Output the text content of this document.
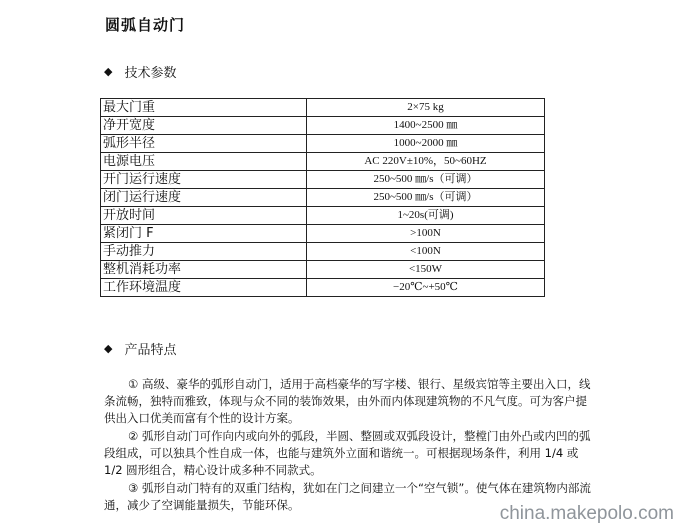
圆弧自动门
◆ 技术参数
最大门重	2×75 kg
净开宽度	1400~2500 ㎜
弧形半径	1000~2000 ㎜
电源电压	AC 220V±10%，50~60HZ
开门运行速度	250~500 ㎜/s（可调）
闭门运行速度	250~500 ㎜/s（可调）
开放时间	1~20s(可调)
紧闭门 F	>100N
手动推力	<100N
整机消耗功率	<150W
工作环境温度	−20℃~+50℃
◆ 产品特点

① 高级、豪华的弧形自动门，适用于高档豪华的写字楼、银行、星级宾馆等主要出入口，线条流畅，独特而雅致，体现与众不同的装饰效果，由外而内体现建筑物的不凡气度。可为客户提供出入口优美而富有个性的设计方案。

② 弧形自动门可作向内或向外的弧段，半圆、整圆或双弧段设计，整樘门由外凸或内凹的弧段组成，可以独具个性自成一体，也能与建筑外立面和谐统一。可根据现场条件，利用 1/4 或 1/2 圆形组合，精心设计成多种不同款式。

③ 弧形自动门特有的双重门结构，犹如在门之间建立一个“空气锁”。使气体在建筑物内部流通，减少了空调能量损失，节能环保。	china.makepolo.com
